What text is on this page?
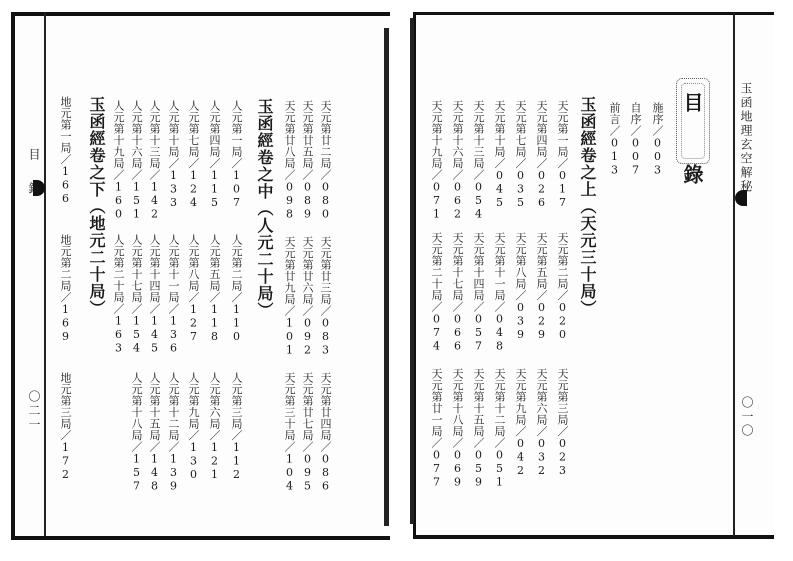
目 錄
〇二一
玉函地理玄空解秘
〇一〇
目 錄
施序／003
自序／007
前言／013
玉函經卷之上（天元三十局）
天元第一局／017
天元第二局／020
天元第三局／023
天元第四局／026
天元第五局／029
天元第六局／032
天元第七局／035
天元第八局／039
天元第九局／042
天元第十局／045
天元第十一局／048
天元第十二局／051
天元第十三局／054
天元第十四局／057
天元第十五局／059
天元第十六局／062
天元第十七局／066
天元第十八局／069
天元第十九局／071
天元第二十局／074
天元第廿一局／077
天元第廿二局／080
天元第廿三局／083
天元第廿四局／086
天元第廿五局／089
天元第廿六局／092
天元第廿七局／095
天元第廿八局／098
天元第廿九局／101
天元第三十局／104
玉函經卷之中（人元二十局）
人元第一局／107
人元第二局／110
人元第三局／112
人元第四局／115
人元第五局／118
人元第六局／121
人元第七局／124
人元第八局／127
人元第九局／130
人元第十局／133
人元第十一局／136
人元第十二局／139
人元第十三局／142
人元第十四局／145
人元第十五局／148
人元第十六局／151
人元第十七局／154
人元第十八局／157
人元第十九局／160
人元第二十局／163
玉函經卷之下（地元二十局）
地元第一局／166
地元第二局／169
地元第三局／172
